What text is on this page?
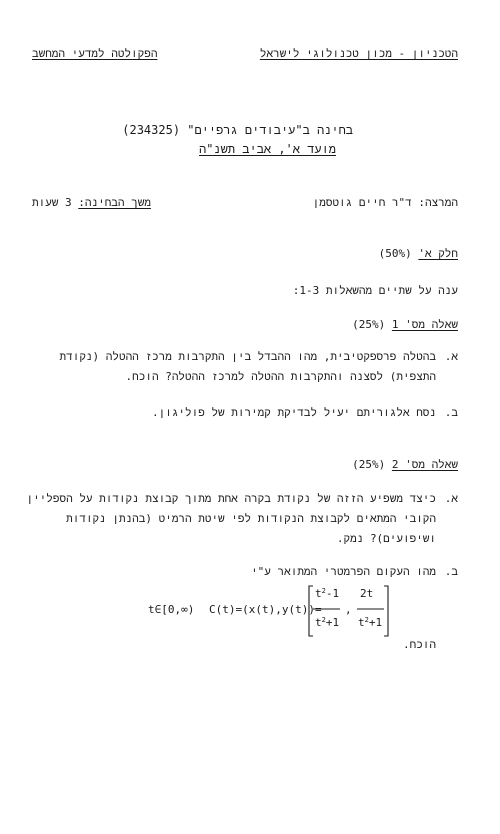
הטכניון - מכון טכנולוגי לישראל
הפקולטה למדעי המחשב
בחינה ב"עיבודים גרפיים" (234325)
מועד א', אביב תשנ"ה
המרצה: ד"ר חיים גוטסמן
משך הבחינה: 3 שעות
חלק א' (50%)
ענה על שתיים מהשאלות 1-3:
שאלה מס' 1 (25%)
א.
בהטלה פרספקטיבית, מהו ההבדל בין התקרבות מרכז ההטלה (נקודת
התצפית) לסצנה והתקרבות ההטלה למרכז ההטלה? הוכח.
ב.
נסח אלגוריתם יעיל לבדיקת קמירות של פוליגון.
שאלה מס' 2 (25%)
א.
כיצד משפיע הזזה של נקודת בקרה אחת מתוך קבוצת נקודות על הספליין
הקובי המתאים לקבוצת הנקודות לפי שיטת הרמיט (בהנתן נקודות
ושיפועים)? נמק.
ב.
מהו העקום הפרמטרי המתואר ע"י
t∈[0,∞) C(t)=(x(t),y(t))=
$t^2-1$
$t^2+1$
,
2t
$t^2+1$
הוכח.
